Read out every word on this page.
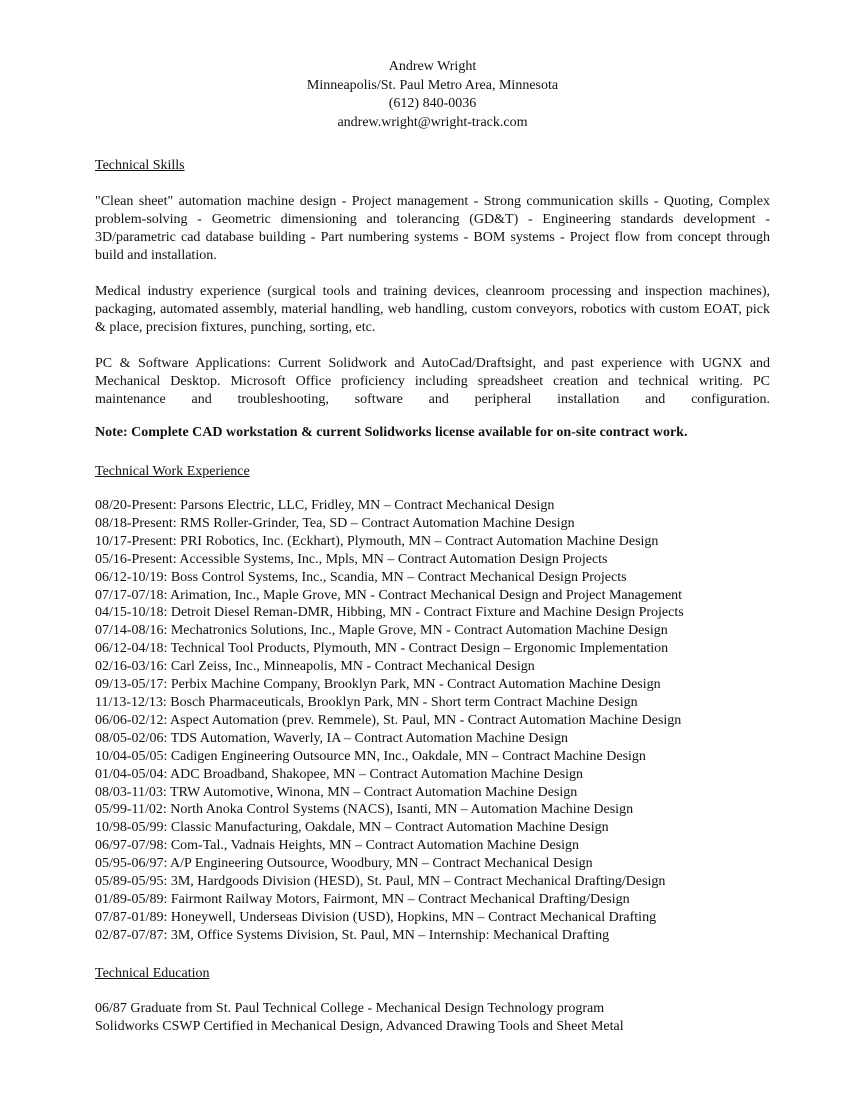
Andrew Wright
Minneapolis/St. Paul Metro Area, Minnesota
(612) 840-0036
andrew.wright@wright-track.com
Technical Skills
"Clean sheet" automation machine design - Project management - Strong communication skills - Quoting, Complex problem-solving - Geometric dimensioning and tolerancing (GD&T) - Engineering standards development - 3D/parametric cad database building - Part numbering systems - BOM systems - Project flow from concept through build and installation.
Medical industry experience (surgical tools and training devices, cleanroom processing and inspection machines), packaging, automated assembly, material handling, web handling, custom conveyors, robotics with custom EOAT, pick & place, precision fixtures, punching, sorting, etc.
PC & Software Applications: Current Solidwork and AutoCad/Draftsight, and past experience with UGNX and Mechanical Desktop. Microsoft Office proficiency including spreadsheet creation and technical writing. PC maintenance and troubleshooting, software and peripheral installation and configuration.
Note: Complete CAD workstation & current Solidworks license available for on-site contract work.
Technical Work Experience
08/20-Present: Parsons Electric, LLC, Fridley, MN – Contract Mechanical Design
08/18-Present: RMS Roller-Grinder, Tea, SD – Contract Automation Machine Design
10/17-Present: PRI Robotics, Inc. (Eckhart), Plymouth, MN – Contract Automation Machine Design
05/16-Present: Accessible Systems, Inc., Mpls, MN – Contract Automation Design Projects
06/12-10/19: Boss Control Systems, Inc., Scandia, MN – Contract Mechanical Design Projects
07/17-07/18: Arimation, Inc., Maple Grove, MN - Contract Mechanical Design and Project Management
04/15-10/18: Detroit Diesel Reman-DMR, Hibbing, MN - Contract Fixture and Machine Design Projects
07/14-08/16: Mechatronics Solutions, Inc., Maple Grove, MN - Contract Automation Machine Design
06/12-04/18: Technical Tool Products, Plymouth, MN - Contract Design – Ergonomic Implementation
02/16-03/16: Carl Zeiss, Inc., Minneapolis, MN - Contract Mechanical Design
09/13-05/17: Perbix Machine Company, Brooklyn Park, MN - Contract Automation Machine Design
11/13-12/13: Bosch Pharmaceuticals, Brooklyn Park, MN - Short term Contract Machine Design
06/06-02/12: Aspect Automation (prev. Remmele), St. Paul, MN - Contract Automation Machine Design
08/05-02/06: TDS Automation, Waverly, IA – Contract Automation Machine Design
10/04-05/05: Cadigen Engineering Outsource MN, Inc., Oakdale, MN – Contract Machine Design
01/04-05/04: ADC Broadband, Shakopee, MN – Contract Automation Machine Design
08/03-11/03: TRW Automotive, Winona, MN – Contract Automation Machine Design
05/99-11/02: North Anoka Control Systems (NACS), Isanti, MN – Automation Machine Design
10/98-05/99: Classic Manufacturing, Oakdale, MN – Contract Automation Machine Design
06/97-07/98: Com-Tal., Vadnais Heights, MN – Contract Automation Machine Design
05/95-06/97: A/P Engineering Outsource, Woodbury, MN – Contract Mechanical Design
05/89-05/95: 3M, Hardgoods Division (HESD), St. Paul, MN – Contract Mechanical Drafting/Design
01/89-05/89: Fairmont Railway Motors, Fairmont, MN – Contract Mechanical Drafting/Design
07/87-01/89: Honeywell, Underseas Division (USD), Hopkins, MN – Contract Mechanical Drafting
02/87-07/87: 3M, Office Systems Division, St. Paul, MN – Internship: Mechanical Drafting
Technical Education
06/87 Graduate from St. Paul Technical College - Mechanical Design Technology program
Solidworks CSWP Certified in Mechanical Design, Advanced Drawing Tools and Sheet Metal
